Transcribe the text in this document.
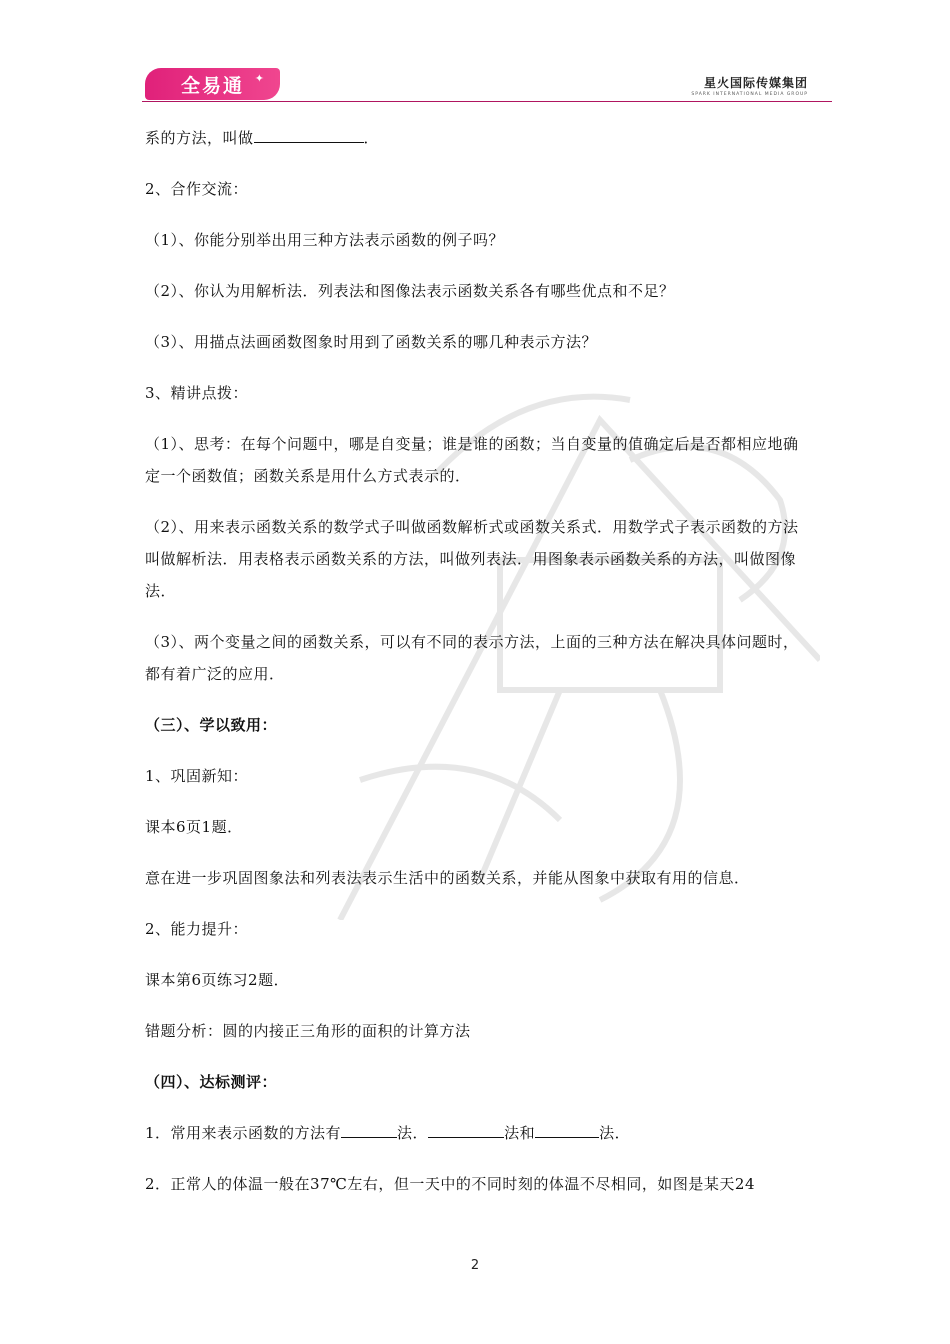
全易通 ✦	星火国际传媒集团
SPARK INTERNATIONAL MEDIA GROUP

系的方法，叫做	．

2、合作交流：

（1）、你能分别举出用三种方法表示函数的例子吗？

（2）、你认为用解析法．列表法和图像法表示函数关系各有哪些优点和不足？

（3）、用描点法画函数图象时用到了函数关系的哪几种表示方法？

3、精讲点拨：

（1）、思考：在每个问题中，哪是自变量；谁是谁的函数；当自变量的值确定后是否都相应地确定一个函数值；函数关系是用什么方式表示的．

（2）、用来表示函数关系的数学式子叫做函数解析式或函数关系式．用数学式子表示函数的方法叫做解析法．用表格表示函数关系的方法，叫做列表法．用图象表示函数关系的方法，叫做图像法．

（3）、两个变量之间的函数关系，可以有不同的表示方法，上面的三种方法在解决具体问题时，都有着广泛的应用．

（三）、学以致用：

1、巩固新知：

课本6页1题．

意在进一步巩固图象法和列表法表示生活中的函数关系，并能从图象中获取有用的信息．

2、能力提升：

课本第6页练习2题．

错题分析：圆的内接正三角形的面积的计算方法

（四）、达标测评：

1．常用来表示函数的方法有	法．	法和	法．

2．正常人的体温一般在37℃左右，但一天中的不同时刻的体温不尽相同，如图是某天24

2
